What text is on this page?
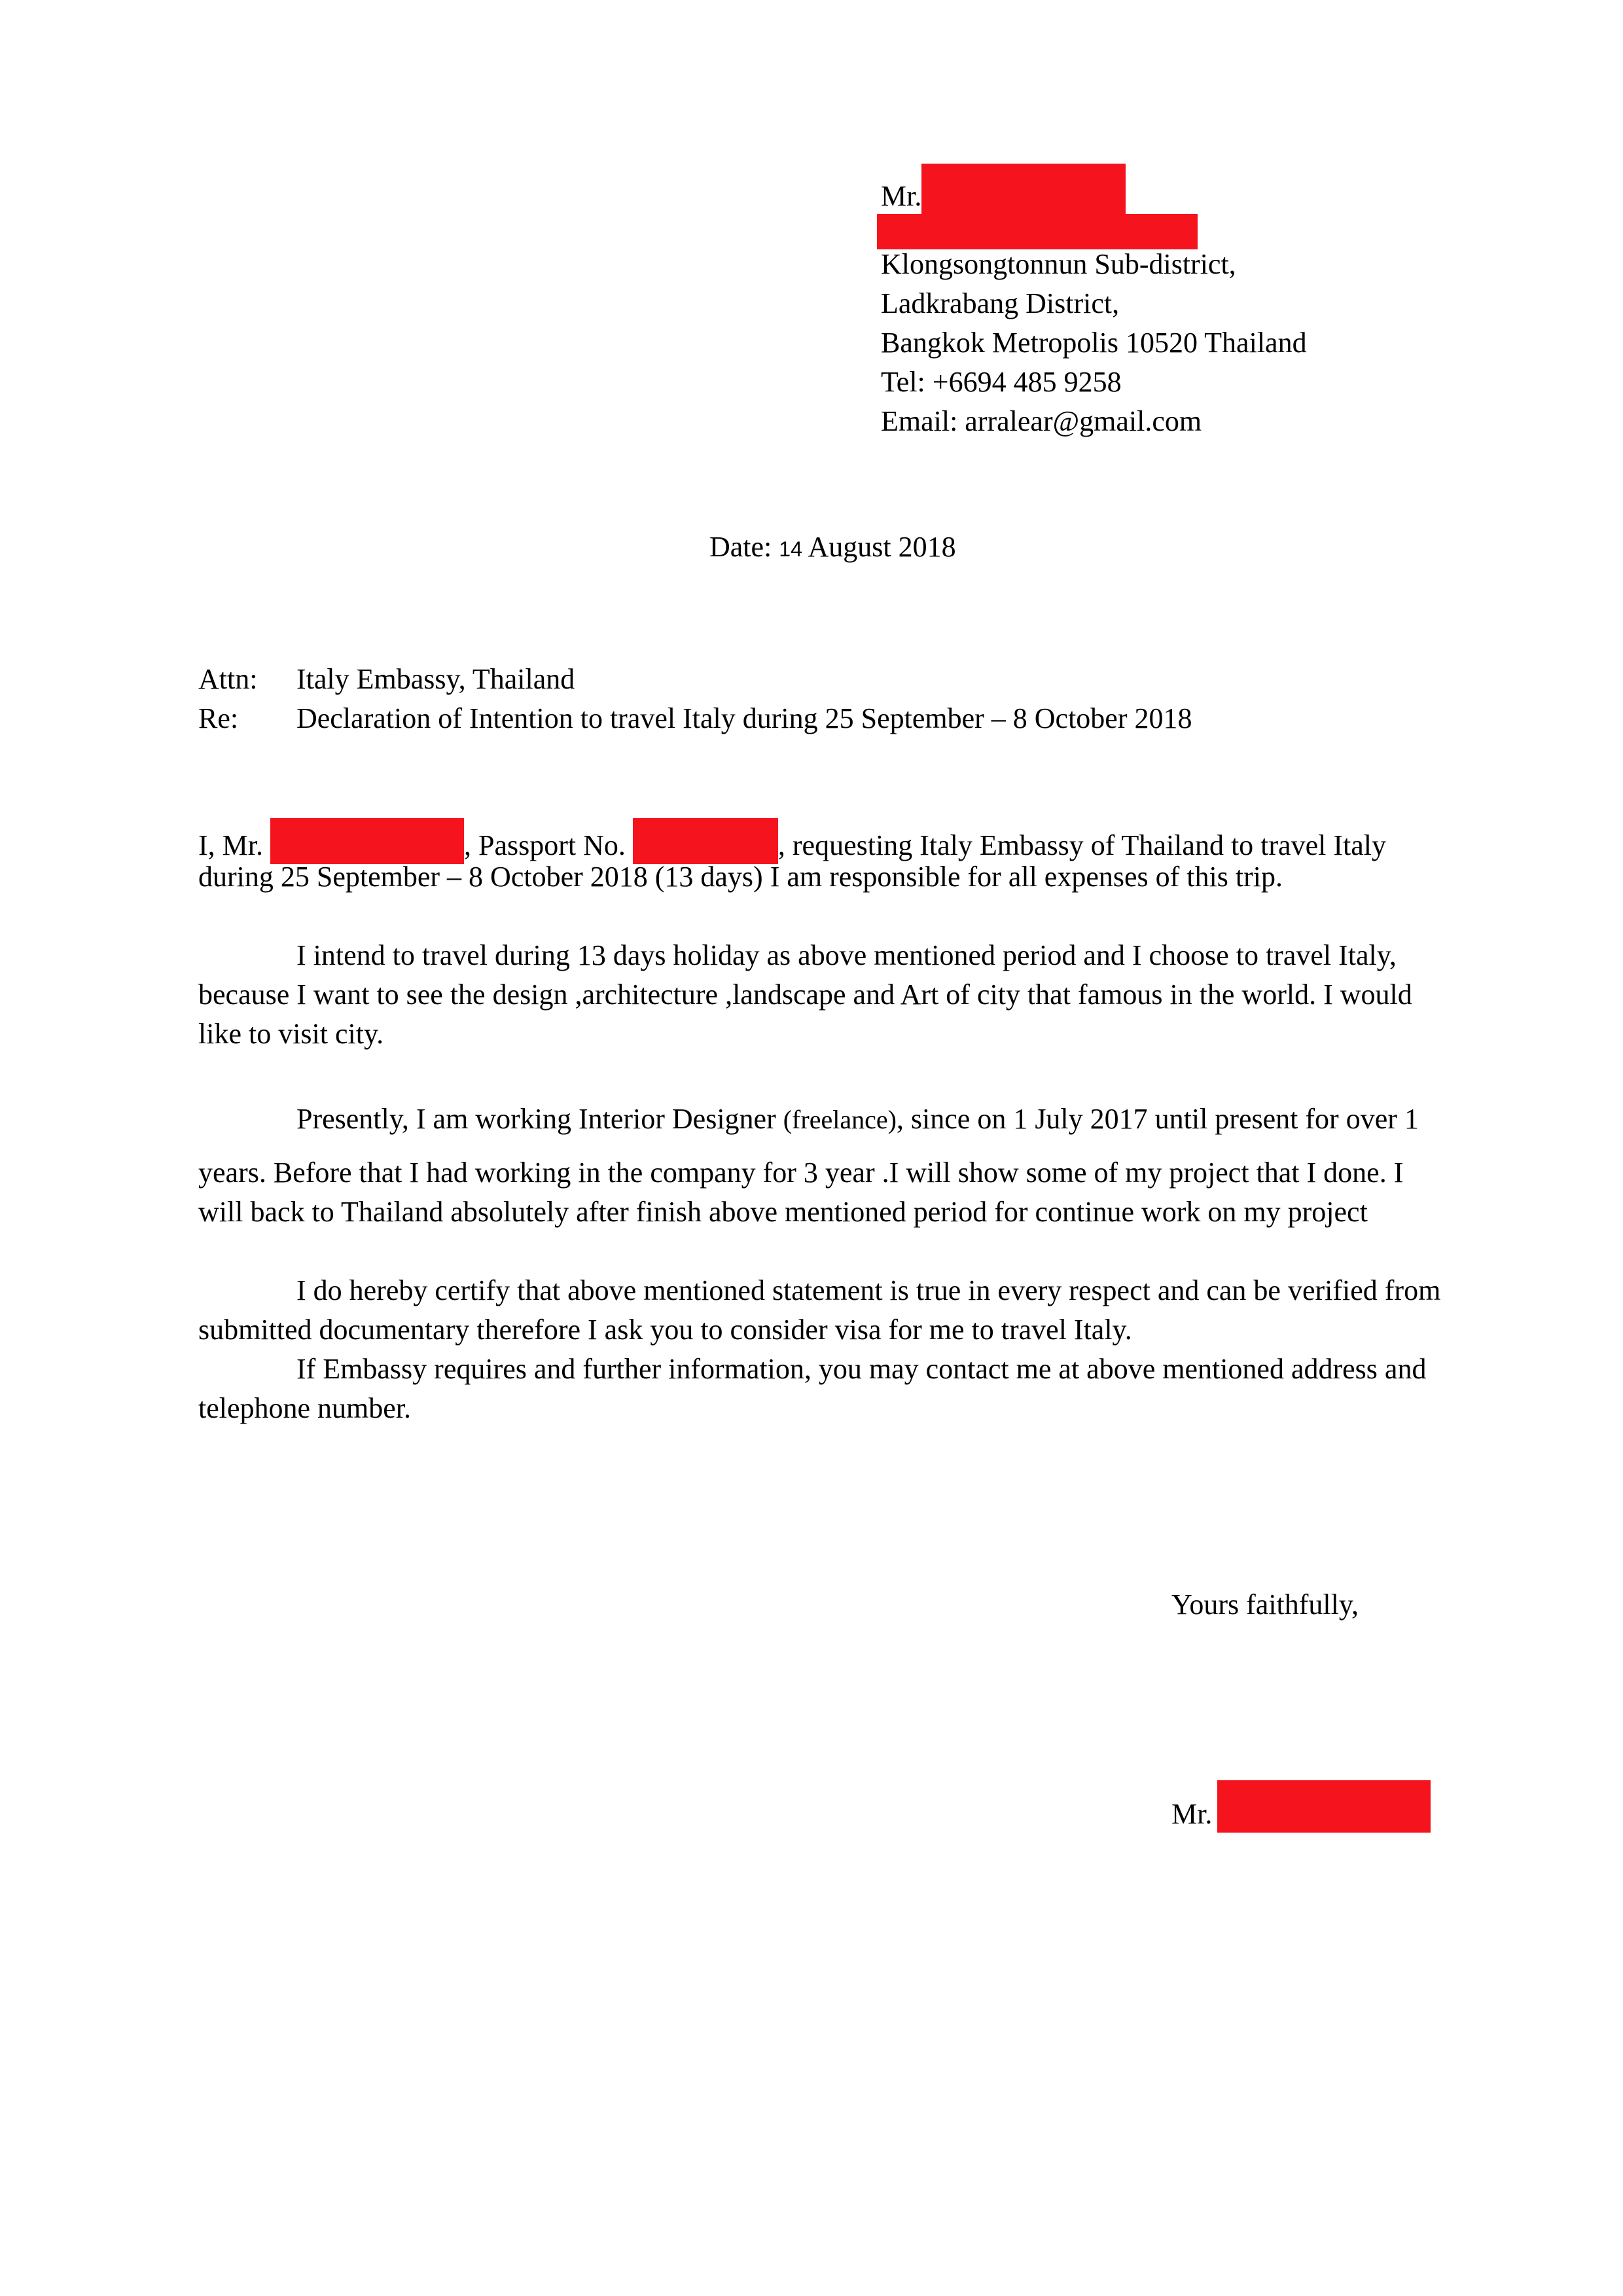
Mr.
Klongsongtonnun Sub-district,
Ladkrabang District,
Bangkok Metropolis 10520 Thailand
Tel: +6694 485 9258
Email: arralear@gmail.com
Date: 14 August 2018
Attn: Italy Embassy, Thailand
Re: Declaration of Intention to travel Italy during 25 September – 8 October 2018
I, Mr.	, Passport No.	, requesting Italy Embassy of Thailand to travel Italy
during 25 September – 8 October 2018 (13 days) I am responsible for all expenses of this trip.
I intend to travel during 13 days holiday as above mentioned period and I choose to travel Italy,
because I want to see the design ,architecture ,landscape and Art of city that famous in the world. I would
like to visit city.
Presently, I am working Interior Designer (freelance), since on 1 July 2017 until present for over 1
years. Before that I had working in the company for 3 year .I will show some of my project that I done. I
will back to Thailand absolutely after finish above mentioned period for continue work on my project
I do hereby certify that above mentioned statement is true in every respect and can be verified from
submitted documentary therefore I ask you to consider visa for me to travel Italy.
If Embassy requires and further information, you may contact me at above mentioned address and
telephone number.
Yours faithfully,
Mr.
